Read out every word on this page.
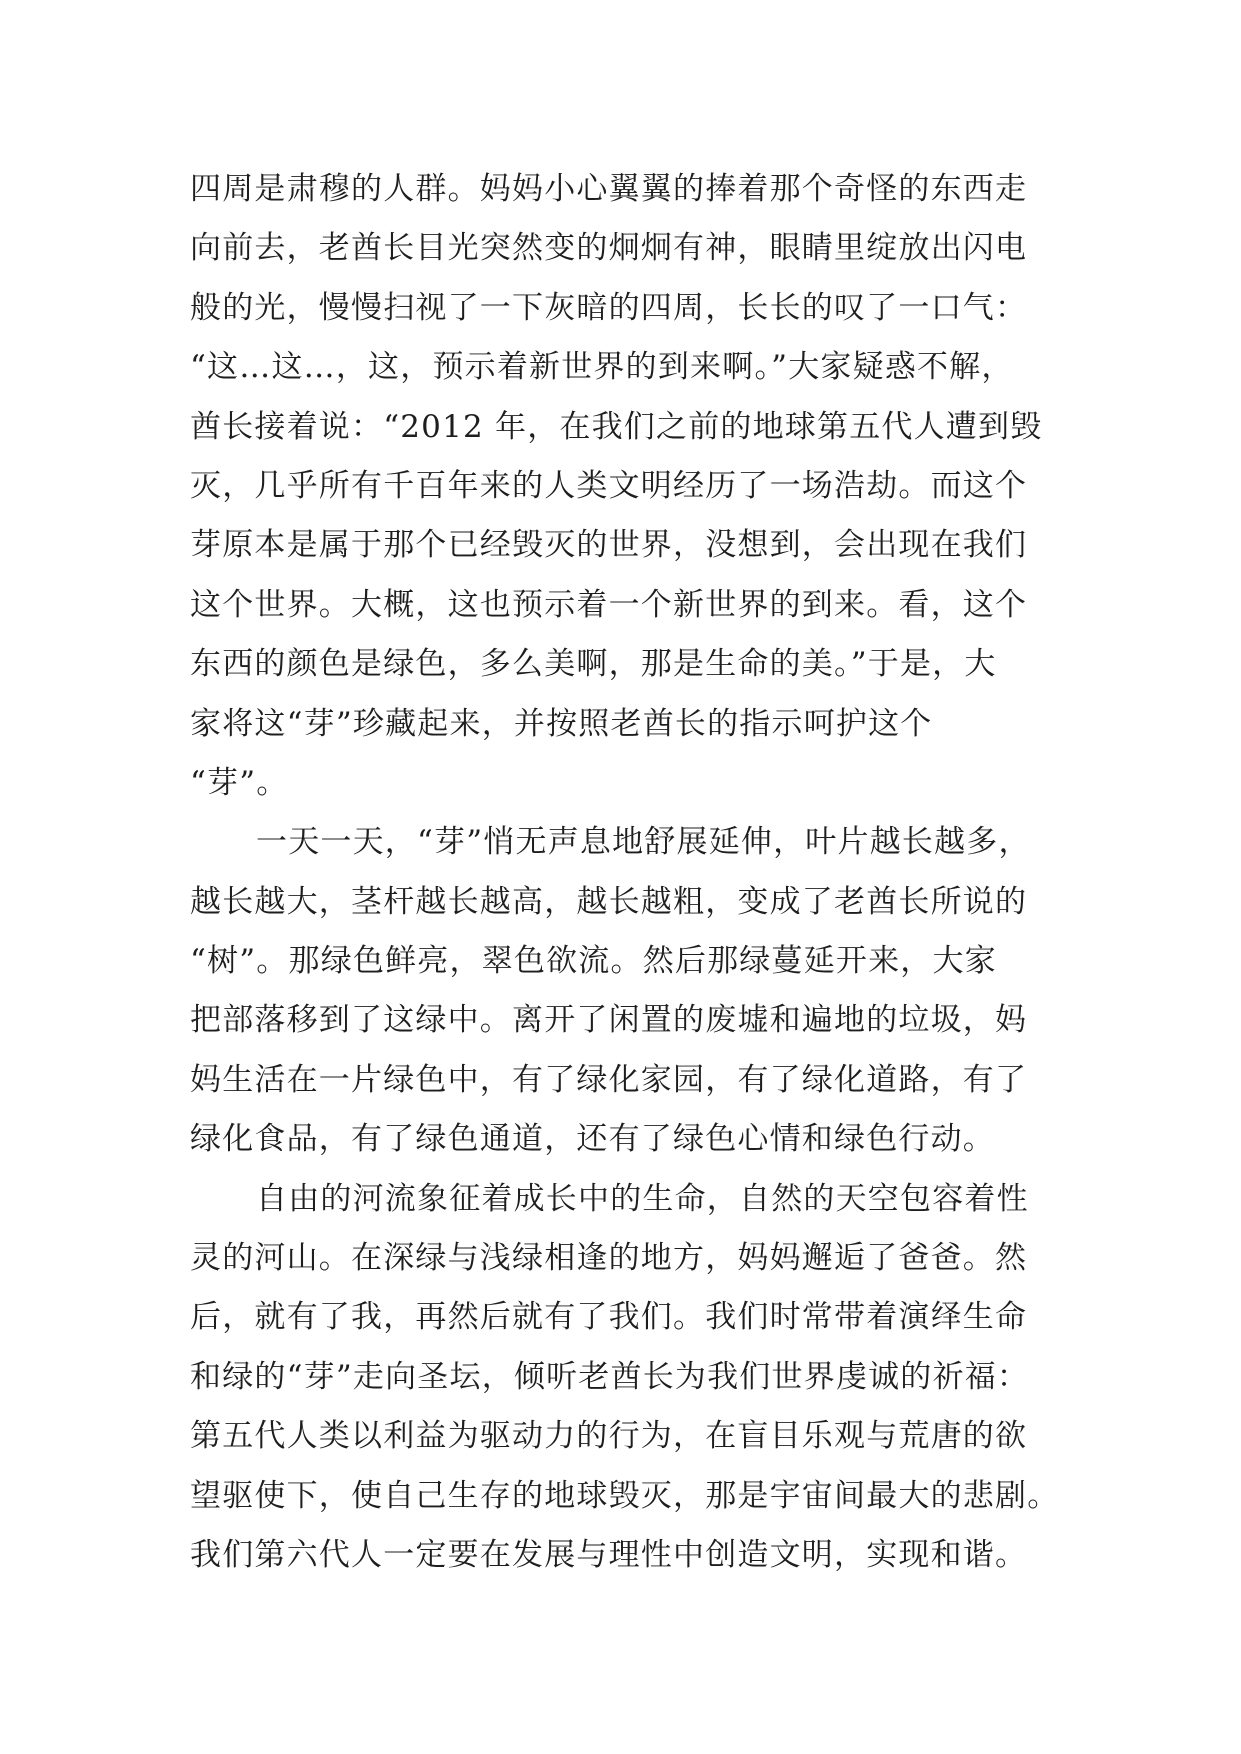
四周是肃穆的人群。妈妈小心翼翼的捧着那个奇怪的东西走
向前去，老酋长目光突然变的炯炯有神，眼睛里绽放出闪电
般的光，慢慢扫视了一下灰暗的四周，长长的叹了一口气：
“这…这…，这，预示着新世界的到来啊。”大家疑惑不解，
酋长接着说：“2012 年，在我们之前的地球第五代人遭到毁
灭，几乎所有千百年来的人类文明经历了一场浩劫。而这个
芽原本是属于那个已经毁灭的世界，没想到，会出现在我们
这个世界。大概，这也预示着一个新世界的到来。看，这个
东西的颜色是绿色，多么美啊，那是生命的美。”于是，大
家将这“芽”珍藏起来，并按照老酋长的指示呵护这个
“芽”。
一天一天，“芽”悄无声息地舒展延伸，叶片越长越多，
越长越大，茎杆越长越高，越长越粗，变成了老酋长所说的
“树”。那绿色鲜亮，翠色欲流。然后那绿蔓延开来，大家
把部落移到了这绿中。离开了闲置的废墟和遍地的垃圾，妈
妈生活在一片绿色中，有了绿化家园，有了绿化道路，有了
绿化食品，有了绿色通道，还有了绿色心情和绿色行动。
自由的河流象征着成长中的生命，自然的天空包容着性
灵的河山。在深绿与浅绿相逢的地方，妈妈邂逅了爸爸。然
后，就有了我，再然后就有了我们。我们时常带着演绎生命
和绿的“芽”走向圣坛，倾听老酋长为我们世界虔诚的祈福：
第五代人类以利益为驱动力的行为，在盲目乐观与荒唐的欲
望驱使下，使自己生存的地球毁灭，那是宇宙间最大的悲剧。
我们第六代人一定要在发展与理性中创造文明，实现和谐。
